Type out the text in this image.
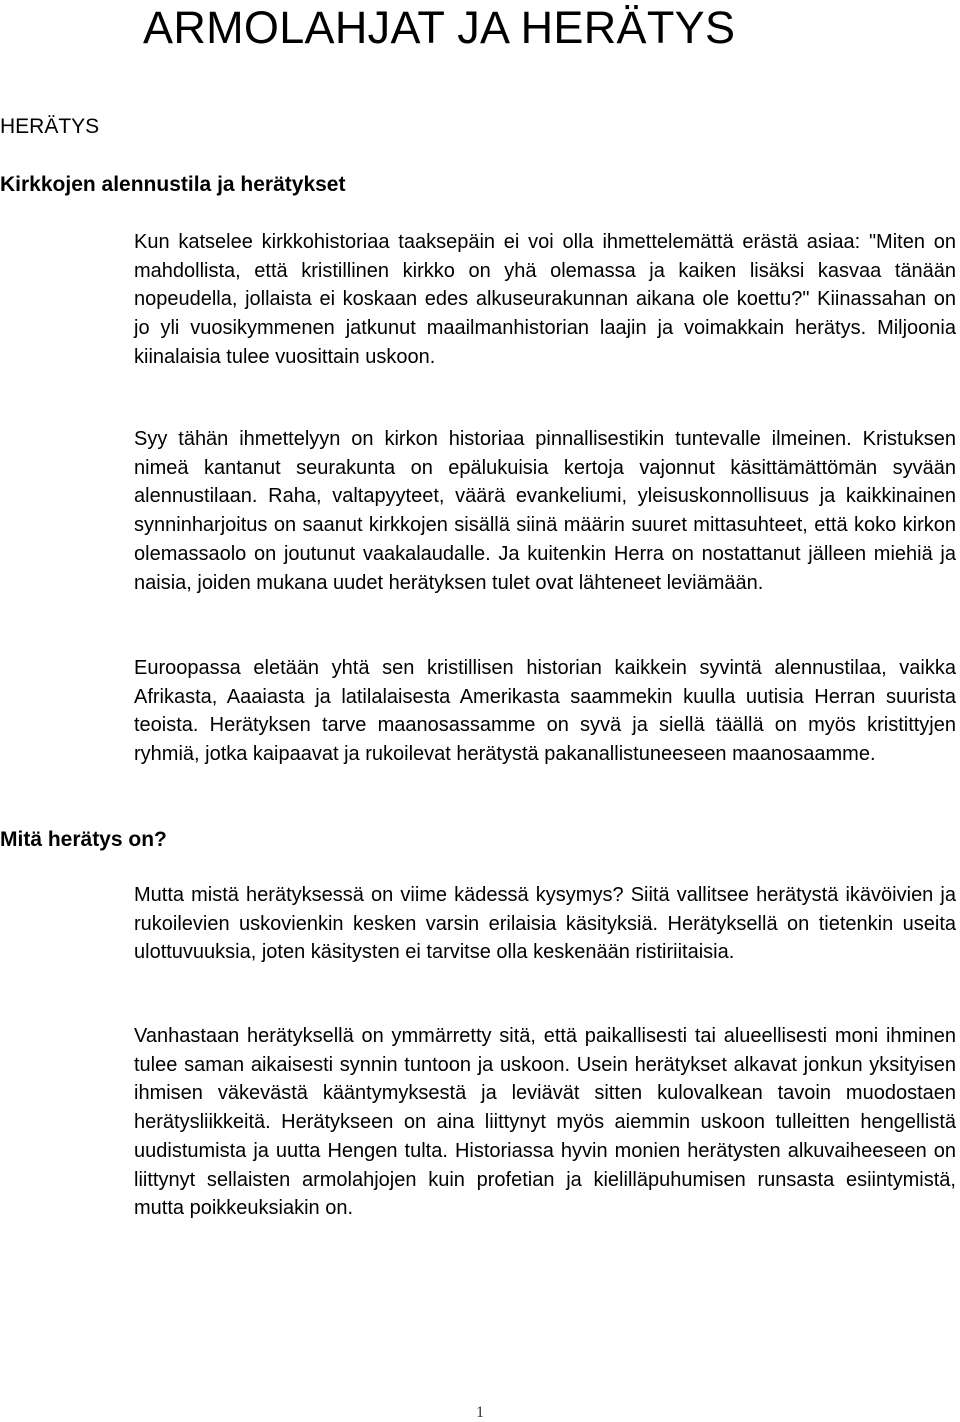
ARMOLAHJAT JA HERÄTYS
HERÄTYS
Kirkkojen alennustila ja herätykset

Kun katselee kirkkohistoriaa taaksepäin ei voi olla ihmettelemättä erästä asiaa: "Miten on mahdollista, että kristillinen kirkko on yhä olemassa ja kaiken lisäksi kasvaa tänään nopeudella, jollaista ei koskaan edes alkuseurakunnan aikana ole koettu?" Kiinassahan on jo yli vuosikymmenen jatkunut maailmanhistorian laajin ja voimakkain herätys. Miljoonia kiinalaisia tulee vuosittain uskoon.

Syy tähän ihmettelyyn on kirkon historiaa pinnallisestikin tuntevalle ilmeinen. Kristuksen nimeä kantanut seurakunta on epälukuisia kertoja vajonnut käsittämättömän syvään alennustilaan. Raha, valtapyyteet, väärä evankeliumi, yleisuskonnollisuus ja kaikkinainen synninharjoitus on saanut kirkkojen sisällä siinä määrin suuret mittasuhteet, että koko kirkon olemassaolo on joutunut vaakalaudalle. Ja kuitenkin Herra on nostattanut jälleen miehiä ja naisia, joiden mukana uudet herätyksen tulet ovat lähteneet leviämään.

Euroopassa eletään yhtä sen kristillisen historian kaikkein syvintä alennustilaa, vaikka Afrikasta, Aaaiasta ja latilalaisesta Amerikasta saammekin kuulla uutisia Herran suurista teoista. Herätyksen tarve maanosassamme on syvä ja siellä täällä on myös kristittyjen ryhmiä, jotka kaipaavat ja rukoilevat herätystä pakanallistuneeseen maanosaamme.

Mitä herätys on?

Mutta mistä herätyksessä on viime kädessä kysymys? Siitä vallitsee herätystä ikävöivien ja rukoilevien uskovienkin kesken varsin erilaisia käsityksiä. Herätyksellä on tietenkin useita ulottuvuuksia, joten käsitysten ei tarvitse olla keskenään ristiriitaisia.

Vanhastaan herätyksellä on ymmärretty sitä, että paikallisesti tai alueellisesti moni ihminen tulee saman aikaisesti synnin tuntoon ja uskoon. Usein herätykset alkavat jonkun yksityisen ihmisen väkevästä kääntymyksestä ja leviävät sitten kulovalkean tavoin muodostaen herätysliikkeitä. Herätykseen on aina liittynyt myös aiemmin uskoon tulleitten hengellistä uudistumista ja uutta Hengen tulta. Historiassa hyvin monien herätysten alkuvaiheeseen on liittynyt sellaisten armolahjojen kuin profetian ja kielilläpuhumisen runsasta esiintymistä, mutta poikkeuksiakin on.

1
